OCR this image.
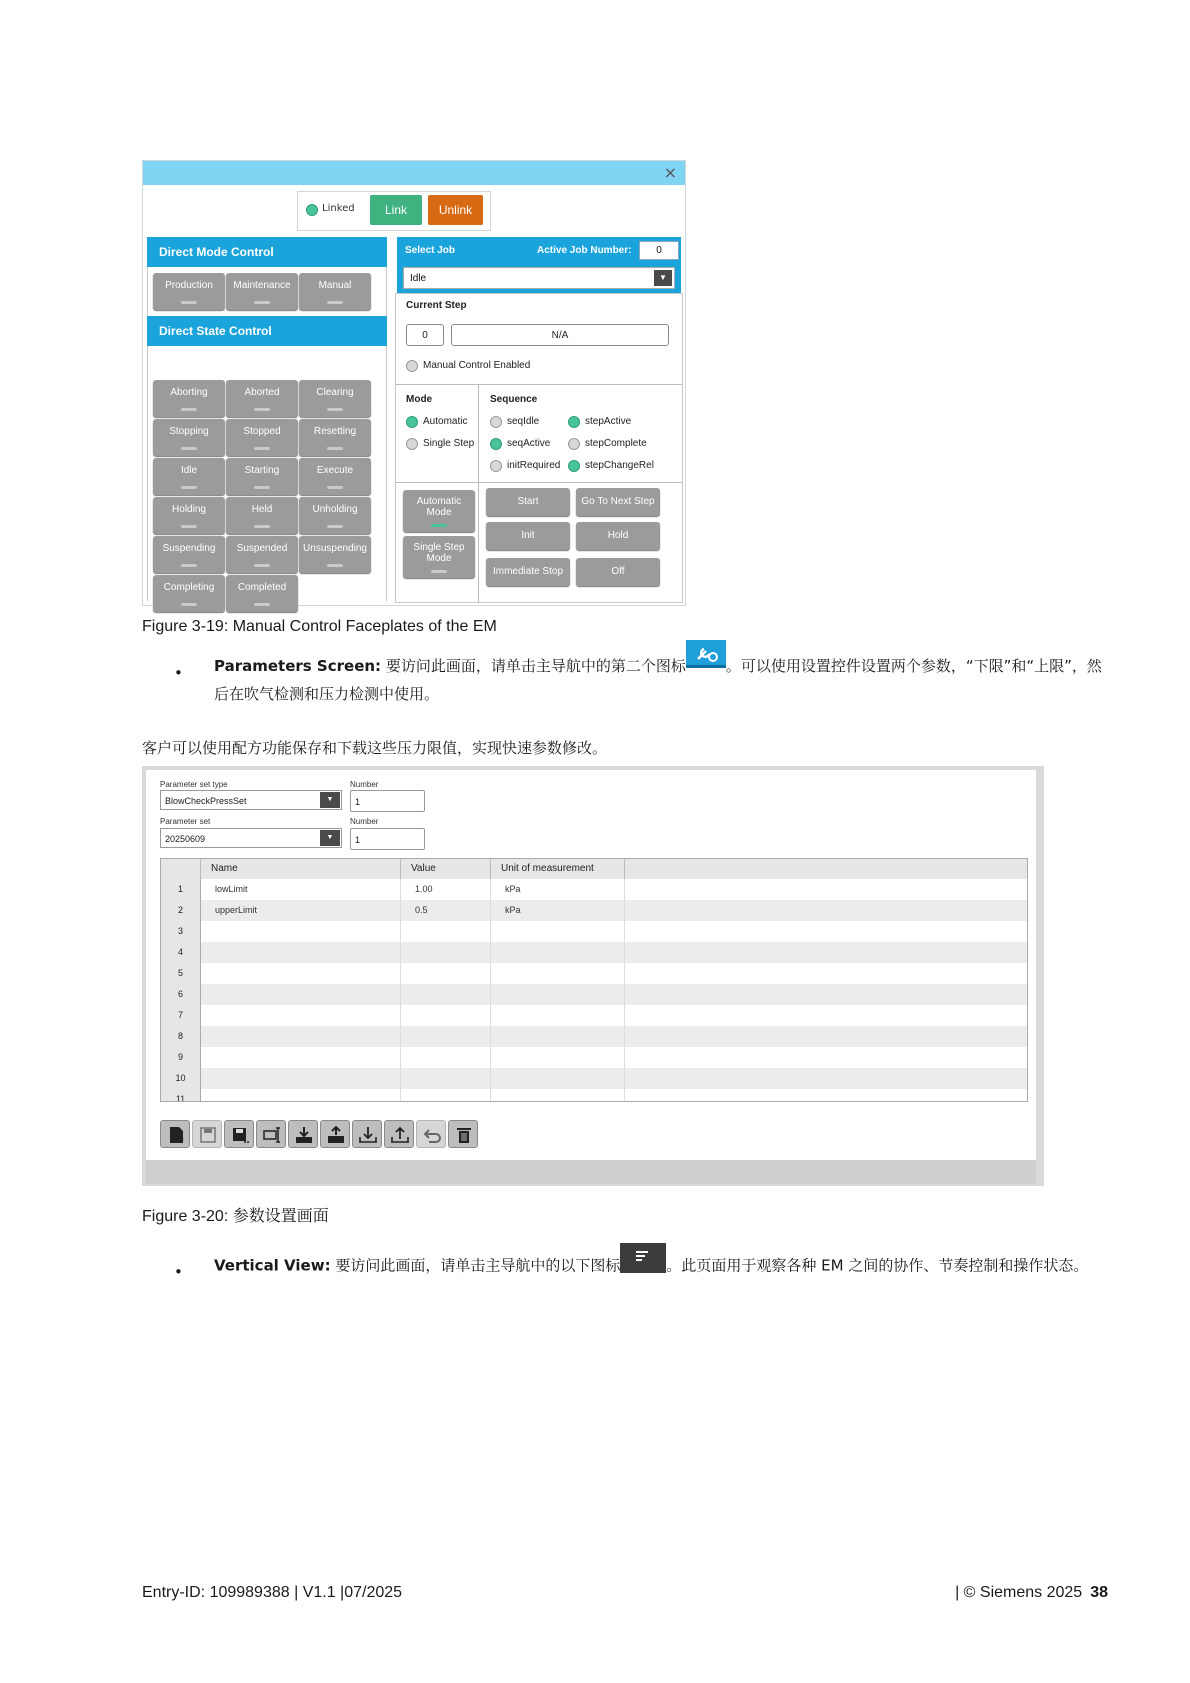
×
Linked	Link	Unlink
Direct Mode Control
Production	Maintenance	Manual
Aborting	Aborted	Clearing
Stopping	Stopped	Resetting
Idle	Starting	Execute
Holding	Held	Unholding
Suspending	Suspended	Unsuspending
Completing	Completed
Direct State Control
Select Job	Active Job Number:	0
Idle	▼
Current Step
0	N/A
Manual Control Enabled
Mode
Automatic
Single Step
Sequence
seqIdle
seqActive
initRequired
stepActive
stepComplete
stepChangeRel
Automatic Mode
Single Step Mode
Start	Go To Next Step
Init	Hold
Immediate Stop	Off
Figure 3-19: Manual Control Faceplates of the EM
• Parameters Screen: 要访问此画面，请单击主导航中的第二个图标	。可以使用设置控件设置两个参数，“下限”和“上限”，然后在吹气检测和压力检测中使用。
客户可以使用配方功能保存和下载这些压力限值，实现快速参数修改。
Parameter set type
BlowCheckPressSet	▼
Number
1
Parameter set
20250609	▼
Number
1
Name	Value	Unit of measurement
1	lowLimit	1.00	kPa
2	upperLimit	0.5	kPa
3
4
5
6
7
8
9
10
11
Figure 3-20: 参数设置画面
• Vertical View: 要访问此画面，请单击主导航中的以下图标	。此页面用于观察各种 EM 之间的协作、节奏控制和操作状态。
Entry-ID: 109989388 | V1.1 |07/2025	| © Siemens 2025 38
